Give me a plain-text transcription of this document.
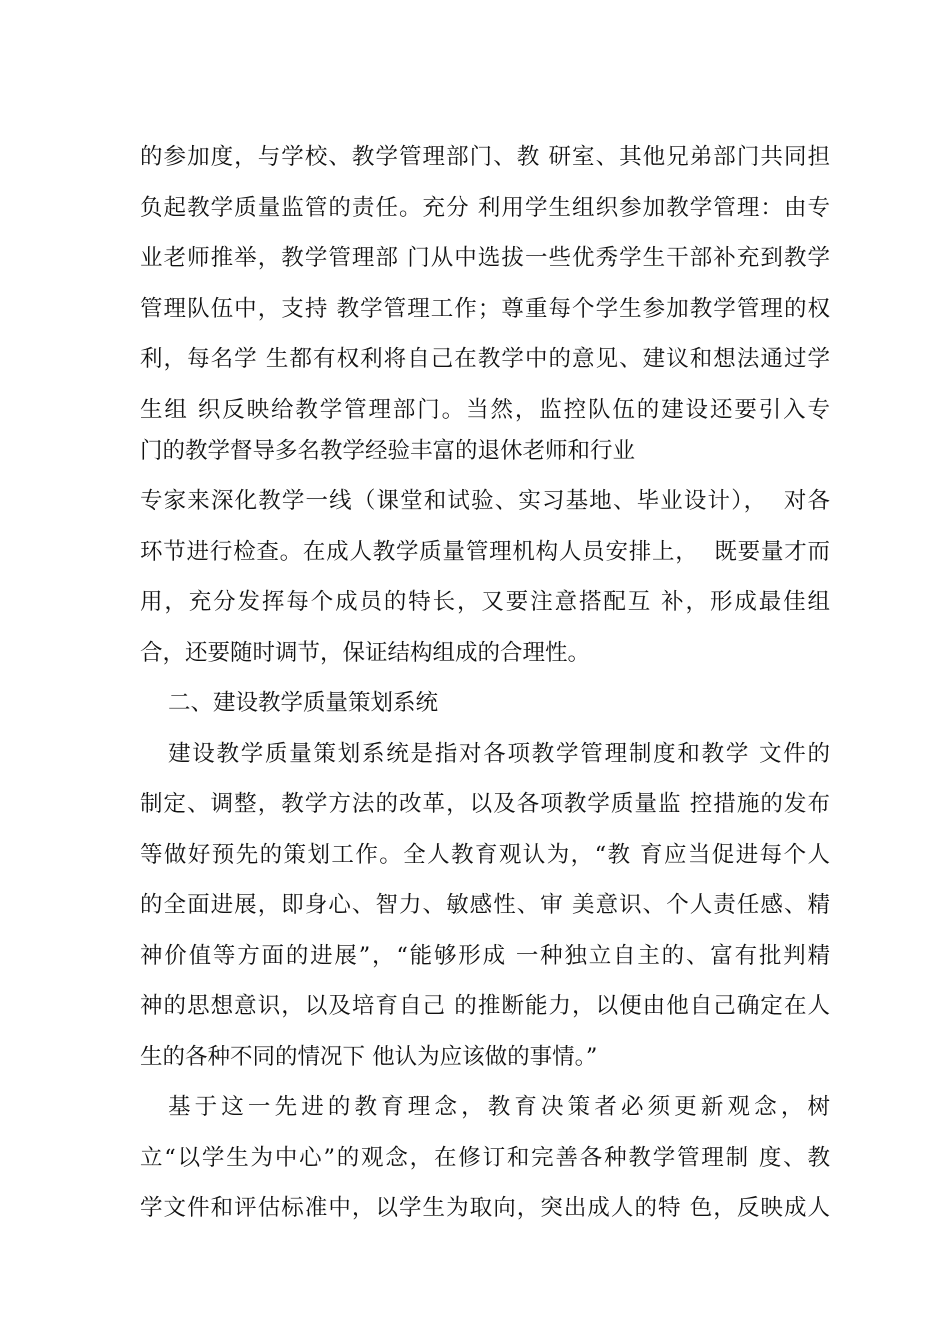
的参加度，与学校、教学管理部门、教 研室、其他兄弟部门共同担
负起教学质量监管的责任。充分 利用学生组织参加教学管理：由专
业老师推举，教学管理部 门从中选拔一些优秀学生干部补充到教学
管理队伍中，支持 教学管理工作；尊重每个学生参加教学管理的权
利，每名学 生都有权利将自己在教学中的意见、建议和想法通过学
生组 织反映给教学管理部门。当然，监控队伍的建设还要引入专
门的教学督导多名教学经验丰富的退休老师和行业
专家来深化教学一线（课堂和试验、实习基地、毕业设计），  对各
环节进行检查。在成人教学质量管理机构人员安排上，  既要量才而
用，充分发挥每个成员的特长，又要注意搭配互 补，形成最佳组
合，还要随时调节，保证结构组成的合理性。
二、建设教学质量策划系统
建设教学质量策划系统是指对各项教学管理制度和教学 文件的
制定、调整，教学方法的改革，以及各项教学质量监 控措施的发布
等做好预先的策划工作。全人教育观认为，“教 育应当促进每个人
的全面进展，即身心、智力、敏感性、审 美意识、个人责任感、精
神价值等方面的进展”，“能够形成 一种独立自主的、富有批判精
神的思想意识，以及培育自己 的推断能力，以便由他自己确定在人
生的各种不同的情况下 他认为应该做的事情。”
基于这一先进的教育理念，教育决策者必须更新观念，树
立“以学生为中心”的观念，在修订和完善各种教学管理制 度、教
学文件和评估标准中，以学生为取向，突出成人的特 色，反映成人
